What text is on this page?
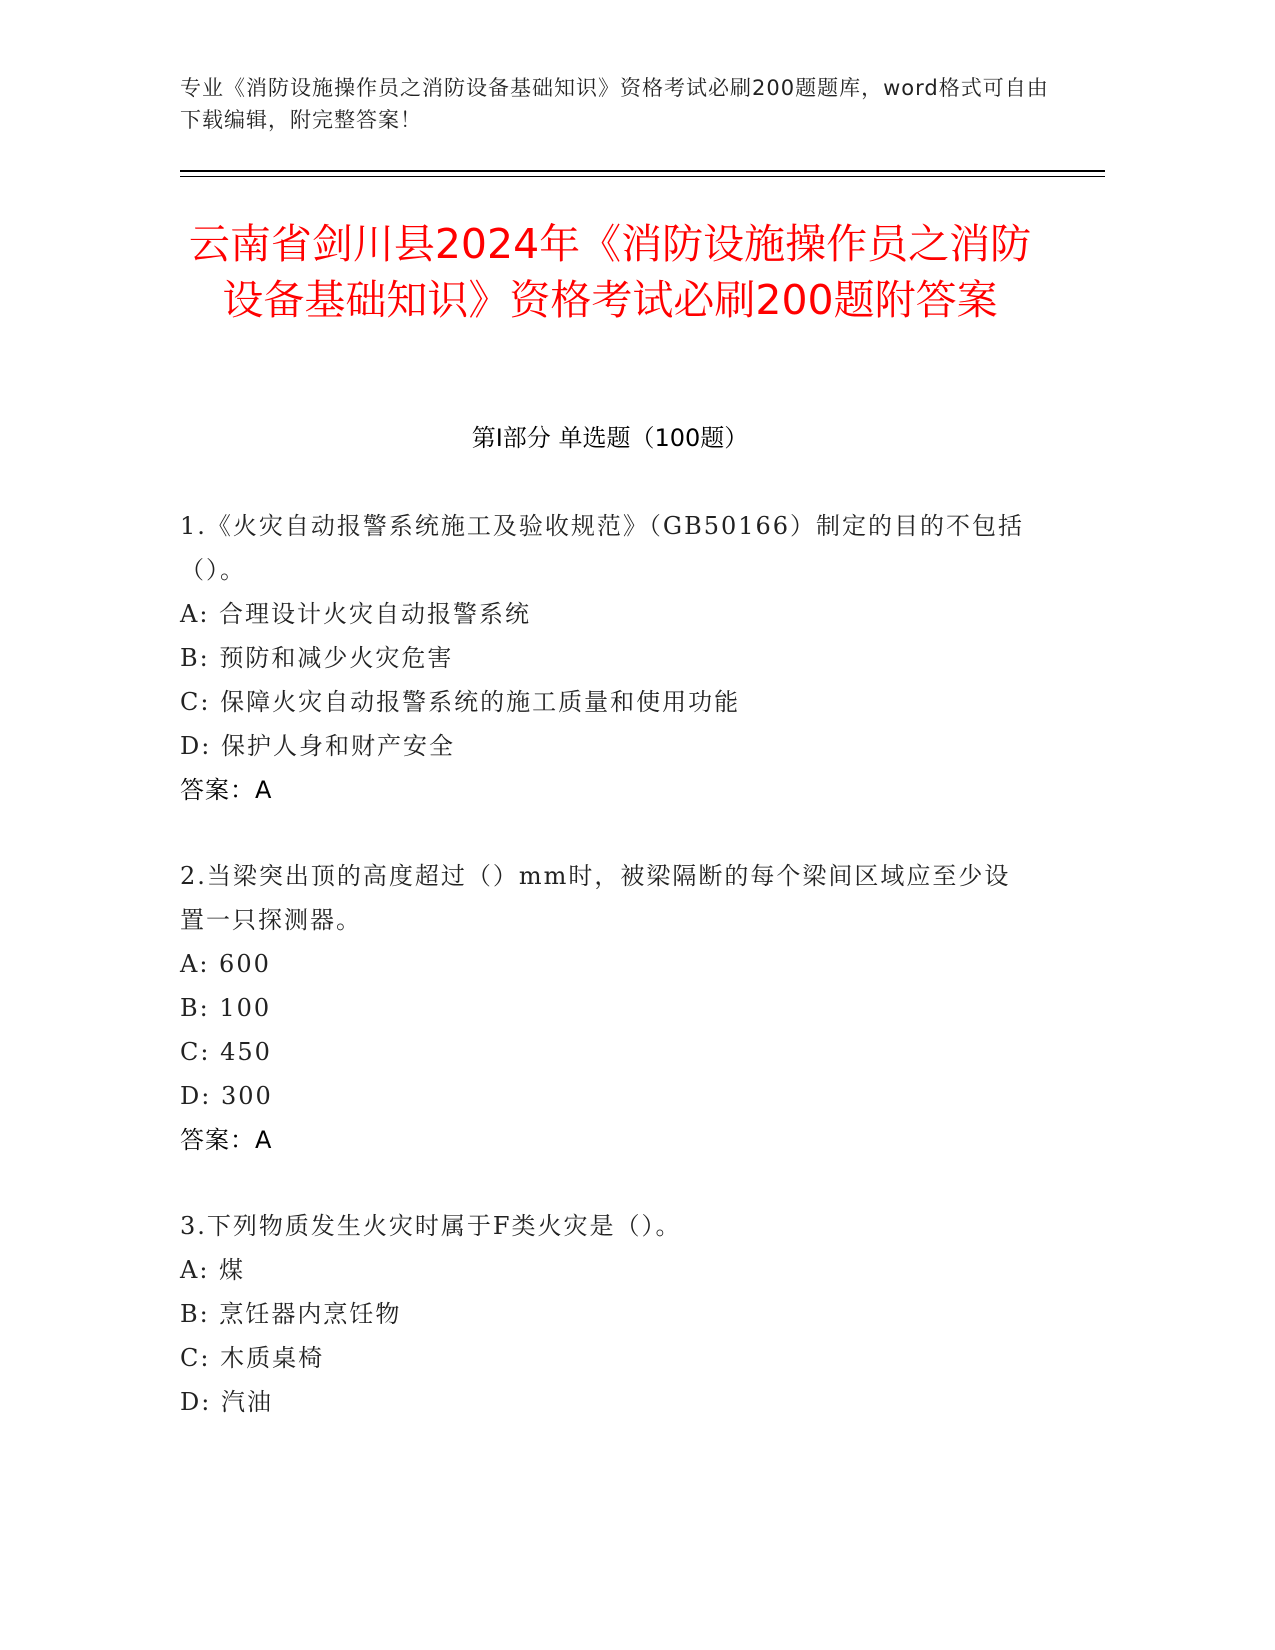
专业《消防设施操作员之消防设备基础知识》资格考试必刷200题题库，word格式可自由下载编辑，附完整答案！
云南省剑川县2024年《消防设施操作员之消防设备基础知识》资格考试必刷200题附答案
第I部分 单选题（100题）
1.《火灾自动报警系统施工及验收规范》（GB50166）制定的目的不包括（）。
A: 合理设计火灾自动报警系统
B: 预防和减少火灾危害
C: 保障火灾自动报警系统的施工质量和使用功能
D: 保护人身和财产安全
答案：A
2.当梁突出顶的高度超过（）mm时，被梁隔断的每个梁间区域应至少设置一只探测器。
A: 600
B: 100
C: 450
D: 300
答案：A
3.下列物质发生火灾时属于F类火灾是（）。
A: 煤
B: 烹饪器内烹饪物
C: 木质桌椅
D: 汽油
